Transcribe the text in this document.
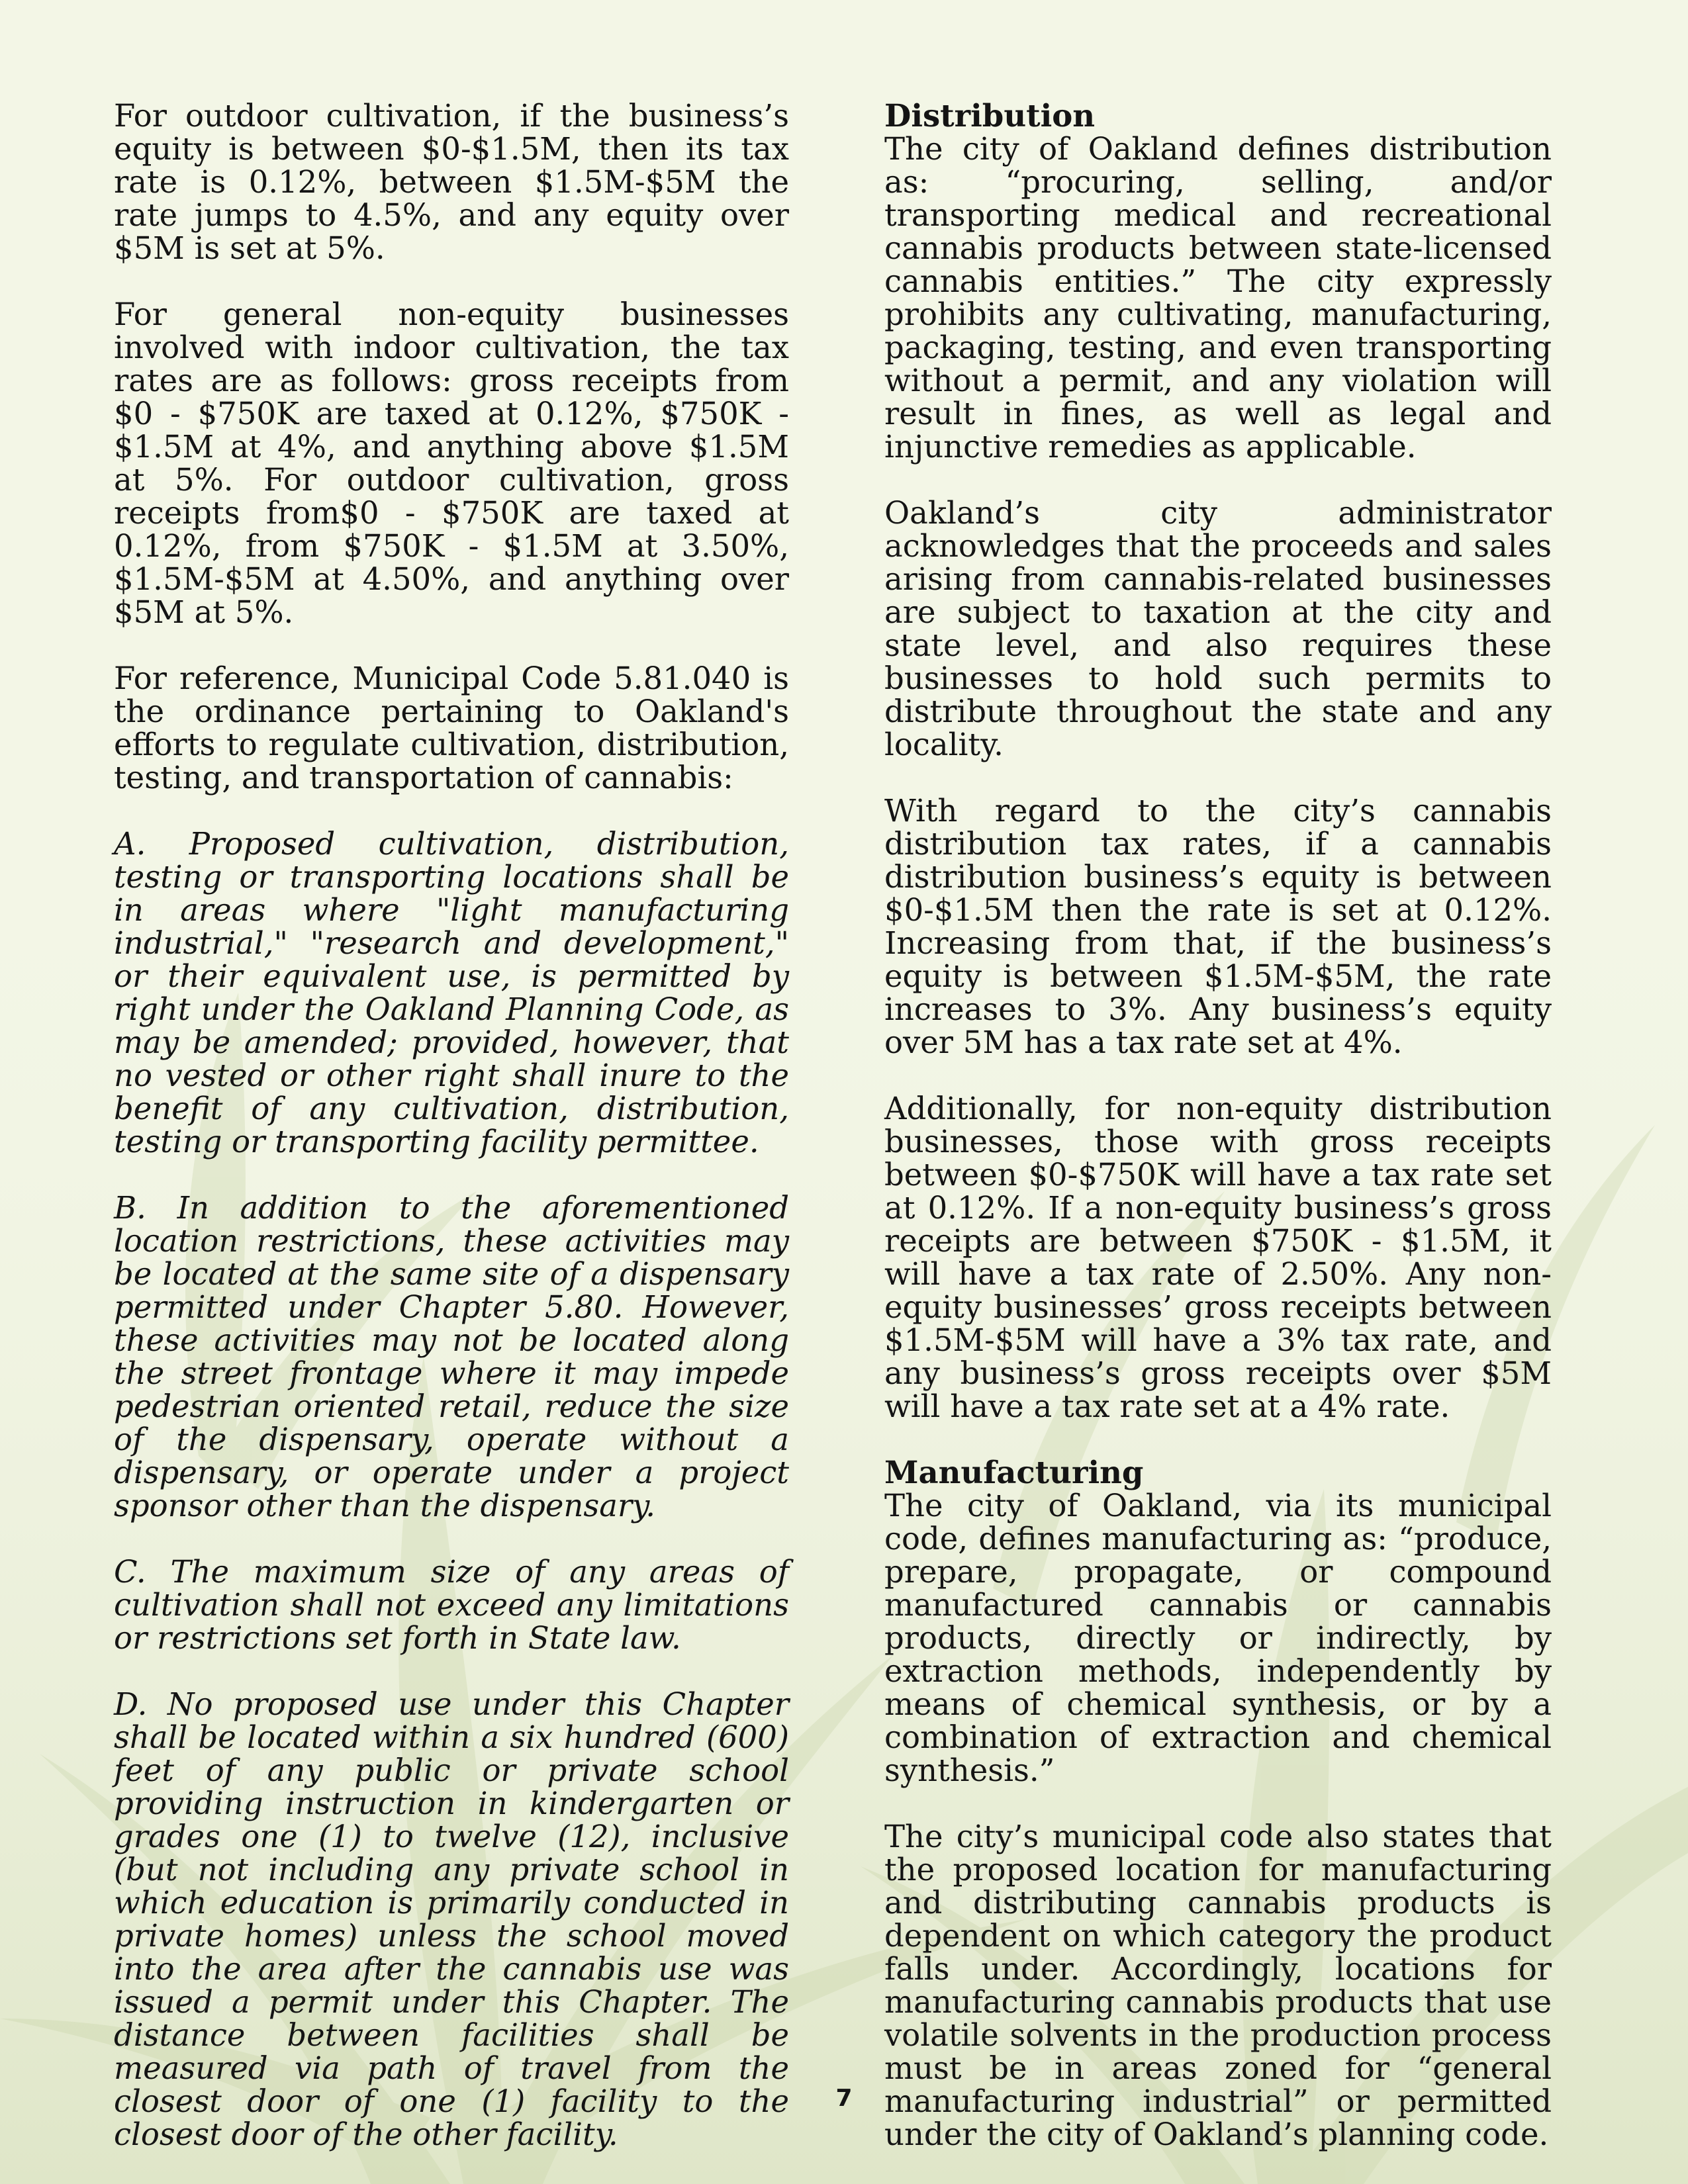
For outdoor cultivation, if the business’s equity is between $0-$1.5M, then its tax rate is 0.12%, between $1.5M-$5M the rate jumps to 4.5%, and any equity over $5M is set at 5%.

For general non-equity businesses involved with indoor cultivation, the tax rates are as follows: gross receipts from $0 - $750K are taxed at 0.12%, $750K - $1.5M at 4%, and anything above $1.5M at 5%. For outdoor cultivation, gross receipts from$0 - $750K are taxed at 0.12%, from $750K - $1.5M at 3.50%, $1.5M-$5M at 4.50%, and anything over $5M at 5%.

For reference, Municipal Code 5.81.040 is the ordinance pertaining to Oakland's efforts to regulate cultivation, distribution, testing, and transportation of cannabis:

A. Proposed cultivation, distribution, testing or transporting locations shall be in areas where "light manufacturing industrial," "research and development," or their equivalent use, is permitted by right under the Oakland Planning Code, as may be amended; provided, however, that no vested or other right shall inure to the benefit of any cultivation, distribution, testing or transporting facility permittee.

B. In addition to the aforementioned location restrictions, these activities may be located at the same site of a dispensary permitted under Chapter 5.80. However, these activities may not be located along the street frontage where it may impede pedestrian oriented retail, reduce the size of the dispensary, operate without a dispensary, or operate under a project sponsor other than the dispensary.

C. The maximum size of any areas of cultivation shall not exceed any limitations or restrictions set forth in State law.

D. No proposed use under this Chapter shall be located within a six hundred (600) feet of any public or private school providing instruction in kindergarten or grades one (1) to twelve (12), inclusive (but not including any private school in which education is primarily conducted in private homes) unless the school moved into the area after the cannabis use was issued a permit under this Chapter. The distance between facilities shall be measured via path of travel from the closest door of one (1) facility to the closest door of the other facility.

Distribution

The city of Oakland defines distribution as: “procuring, selling, and/or transporting medical and recreational cannabis products between state-licensed cannabis entities.” The city expressly prohibits any cultivating, manufacturing, packaging, testing, and even transporting without a permit, and any violation will result in fines, as well as legal and injunctive remedies as applicable.

Oakland’s city administrator acknowledges that the proceeds and sales arising from cannabis-related businesses are subject to taxation at the city and state level, and also requires these businesses to hold such permits to distribute throughout the state and any locality.

With regard to the city’s cannabis distribution tax rates, if a cannabis distribution business’s equity is between $0-$1.5M then the rate is set at 0.12%. Increasing from that, if the business’s equity is between $1.5M-$5M, the rate increases to 3%. Any business’s equity over 5M has a tax rate set at 4%.

Additionally, for non-equity distribution businesses, those with gross receipts between $0-$750K will have a tax rate set at 0.12%. If a non-equity business’s gross receipts are between $750K - $1.5M, it will have a tax rate of 2.50%. Any non-equity businesses’ gross receipts between $1.5M-$5M will have a 3% tax rate, and any business’s gross receipts over $5M will have a tax rate set at a 4% rate.

Manufacturing

The city of Oakland, via its municipal code, defines manufacturing as: “produce, prepare, propagate, or compound manufactured cannabis or cannabis products, directly or indirectly, by extraction methods, independently by means of chemical synthesis, or by a combination of extraction and chemical synthesis.”

The city’s municipal code also states that the proposed location for manufacturing and distributing cannabis products is dependent on which category the product falls under. Accordingly, locations for manufacturing cannabis products that use volatile solvents in the production process must be in areas zoned for “general manufacturing industrial” or permitted under the city of Oakland’s planning code.

7
